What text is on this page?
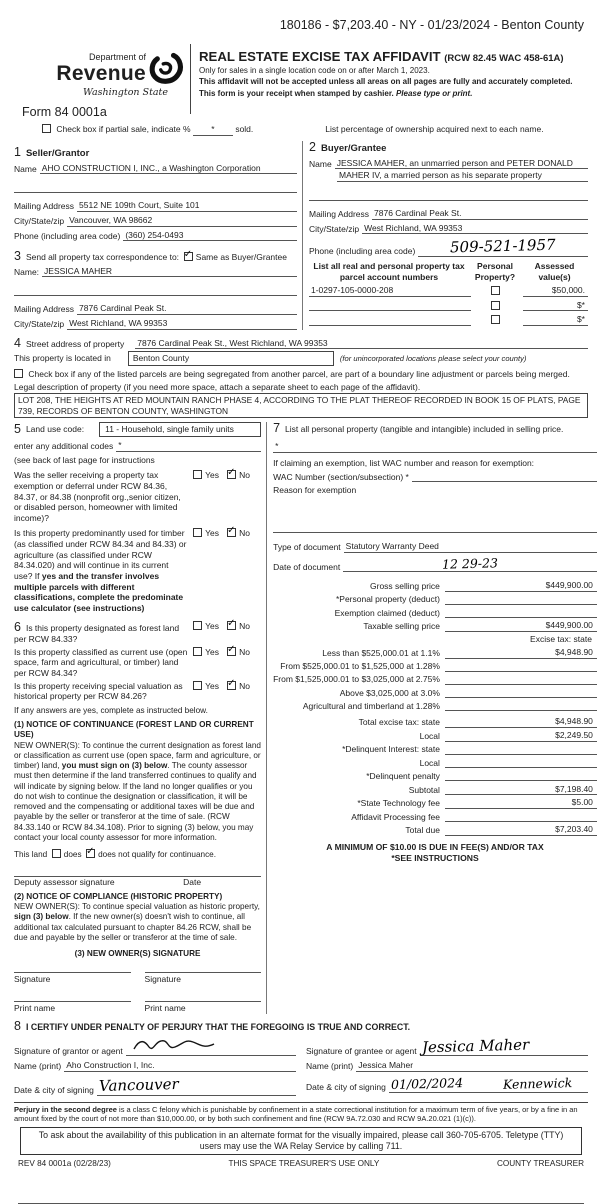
180186 - $7,203.40 - NY - 01/23/2024 - Benton County
Department of
Revenue
Washington State
Form 84 0001a
REAL ESTATE EXCISE TAX AFFIDAVIT (RCW 82.45 WAC 458-61A)
Only for sales in a single location code on or after March 1, 2023.
This affidavit will not be accepted unless all areas on all pages are fully and accurately completed.
This form is your receipt when stamped by cashier. Please type or print.
Check box if partial sale, indicate % * sold.	List percentage of ownership acquired next to each name.
1 Seller/Grantor
Name AHO CONSTRUCTION I, INC., a Washington Corporation
Mailing Address 5512 NE 109th Court, Suite 101
City/State/zip Vancouver, WA 98662
Phone (including area code) (360) 254-0493
3 Send all property tax correspondence to: ✓ Same as Buyer/Grantee
Name: JESSICA MAHER
Mailing Address 7876 Cardinal Peak St.
City/State/zip West Richland, WA 99353
2 Buyer/Grantee
Name JESSICA MAHER, an unmarried person and PETER DONALD
MAHER IV, a married person as his separate property
Mailing Address 7876 Cardinal Peak St.
City/State/zip West Richland, WA 99353
Phone (including area code)	509-521-1957
List all real and personal property tax
parcel account numbers
Personal
Property?
Assessed
value(s)
1-0297-105-0000-208	$50,000.
$*
$*
4 Street address of property	7876 Cardinal Peak St., West Richland, WA 99353
This property is located in	Benton County	(for unincorporated locations please select your county)
Check box if any of the listed parcels are being segregated from another parcel, are part of a boundary line adjustment or parcels being merged.
Legal description of property (if you need more space, attach a separate sheet to each page of the affidavit).
LOT 208, THE HEIGHTS AT RED MOUNTAIN RANCH PHASE 4, ACCORDING TO THE PLAT THEREOF RECORDED IN BOOK 15 OF PLATS, PAGE 739, RECORDS OF BENTON COUNTY, WASHINGTON
5 Land use code:	11 - Household, single family units
enter any additional codes *
(see back of last page for instructions
Was the seller receiving a property tax exemption or deferral under RCW 84.36, 84.37, or 84.38 (nonprofit org.,senior citizen, or disabled person, homeowner with limited income)?
Yes ✓	No
Is this property predominantly used for timber (as classified under RCW 84.34 and 84.33) or agriculture (as classified under RCW 84.34.020) and will continue in its current use? If yes and the transfer involves multiple parcels with different classifications, complete the predominate use calculator (see instructions)
Yes ✓	No
6 Is this property designated as forest land per RCW 84.33?
Yes ✓	No
Is this property classified as current use (open space, farm and agricultural, or timber) land per RCW 84.34?
Yes ✓	No
Is this property receiving special valuation as historical property per RCW 84.26?
Yes ✓	No
If any answers are yes, complete as instructed below.
(1) NOTICE OF CONTINUANCE (FOREST LAND OR CURRENT USE)
NEW OWNER(S): To continue the current designation as forest land or classification as current use (open space, farm and agriculture, or timber) land, you must sign on (3) below. The county assessor must then determine if the land transferred continues to qualify and will indicate by signing below. If the land no longer qualifies or you do not wish to continue the designation or classification, it will be removed and the compensating or additional taxes will be due and payable by the seller or transferor at the time of sale. (RCW 84.33.140 or RCW 84.34.108). Prior to signing (3) below, you may contact your local county assessor for more information.
This land does ✓ does not qualify for continuance.
Deputy assessor signature	Date
(2) NOTICE OF COMPLIANCE (HISTORIC PROPERTY)
NEW OWNER(S): To continue special valuation as historic property, sign (3) below. If the new owner(s) doesn't wish to continue, all additional tax calculated pursuant to chapter 84.26 RCW, shall be due and payable by the seller or transferor at the time of sale.
(3) NEW OWNER(S) SIGNATURE
Signature	Signature
Print name	Print name
7 List all personal property (tangible and intangible) included in selling price.
*
If claiming an exemption, list WAC number and reason for exemption:
WAC Number (section/subsection) *
Reason for exemption
Type of document Statutory Warranty Deed
Date of document	12 29-23
Gross selling price	$449,900.00
*Personal property (deduct)
Exemption claimed (deduct)
Taxable selling price	$449,900.00
Excise tax: state
Less than $525,000.01 at 1.1%	$4,948.90
From $525,000.01 to $1,525,000 at 1.28%
From $1,525,000.01 to $3,025,000 at 2.75%
Above $3,025,000 at 3.0%
Agricultural and timberland at 1.28%
Total excise tax: state	$4,948.90
Local	$2,249.50
*Delinquent Interest: state
Local
*Delinquent penalty
Subtotal	$7,198.40
*State Technology fee	$5.00
Affidavit Processing fee
Total due	$7,203.40
A MINIMUM OF $10.00 IS DUE IN FEE(S) AND/OR TAX
*SEE INSTRUCTIONS
8 I CERTIFY UNDER PENALTY OF PERJURY THAT THE FOREGOING IS TRUE AND CORRECT.
Signature of grantor or agent
Name (print) Aho Construction I, Inc.
Date & city of signing Vancouver
Signature of grantee or agent Jessica Maher
Name (print) Jessica Maher
Date & city of signing 01/02/2024	Kennewick
Perjury in the second degree is a class C felony which is punishable by confinement in a state correctional institution for a maximum term of five years, or by a fine in an amount fixed by the court of not more than $10,000.00, or by both such confinement and fine (RCW 9A.72.030 and RCW 9A.20.021 (1)(c)).
To ask about the availability of this publication in an alternate format for the visually impaired, please call 360-705-6705. Teletype (TTY) users may use the WA Relay Service by calling 711.
REV 84 0001a (02/28/23)	THIS SPACE TREASURER'S USE ONLY	COUNTY TREASURER
